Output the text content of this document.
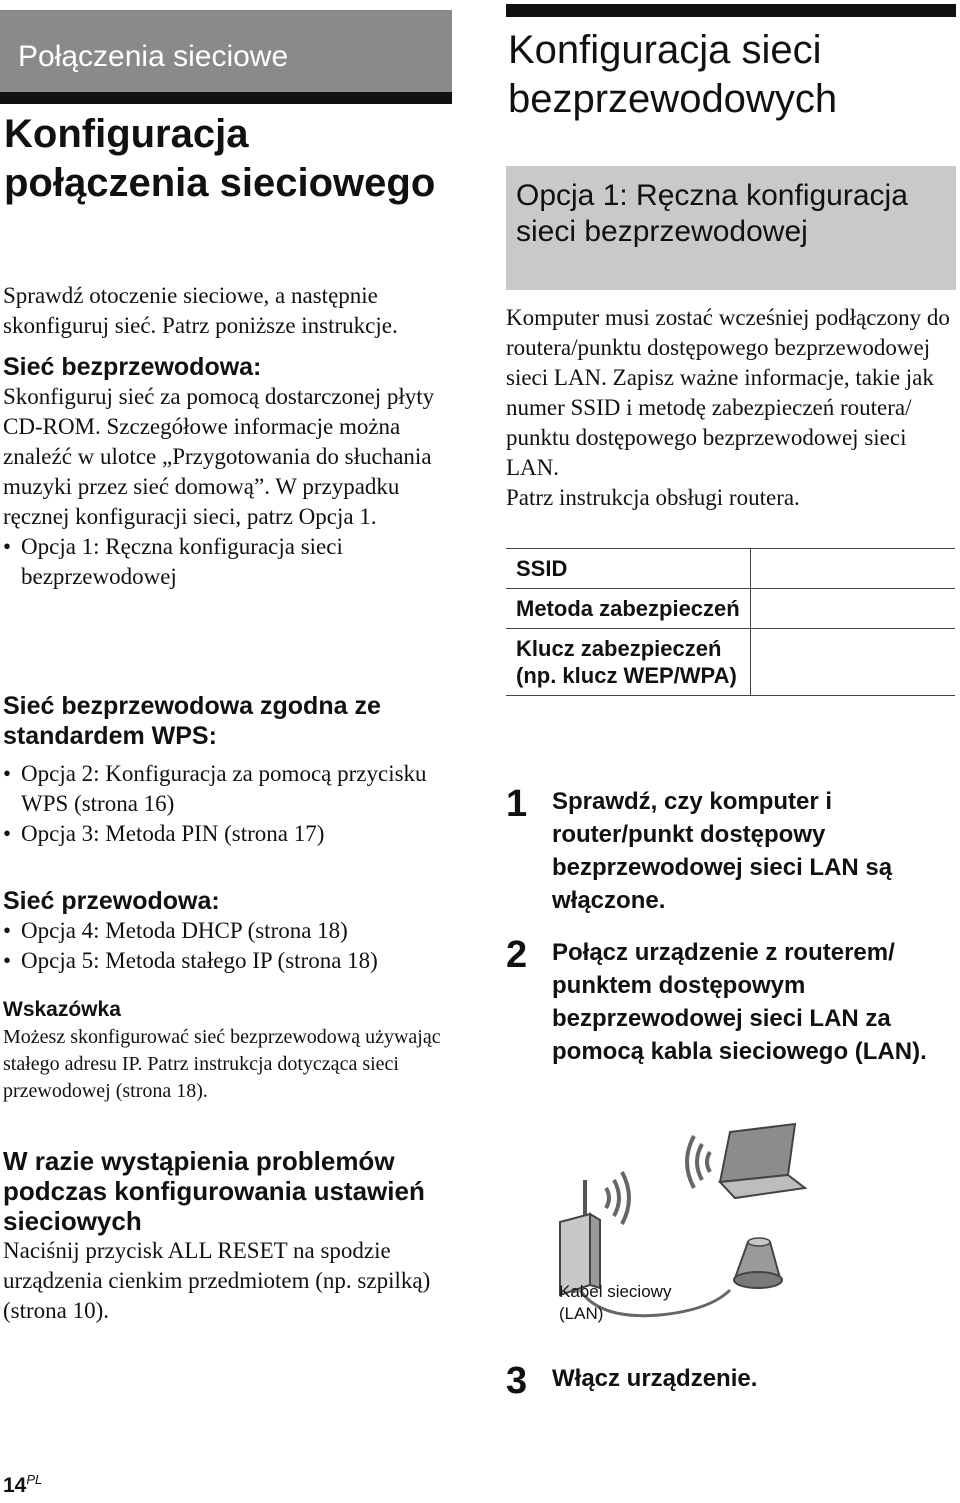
Połączenia sieciowe
Konfiguracja połączenia sieciowego
Sprawdź otoczenie sieciowe, a następnie skonfiguruj sieć. Patrz poniższe instrukcje.
Sieć bezprzewodowa:
Skonfiguruj sieć za pomocą dostarczonej płyty CD-ROM. Szczegółowe informacje można znaleźć w ulotce „Przygotowania do słuchania muzyki przez sieć domową”. W przypadku ręcznej konfiguracji sieci, patrz Opcja 1.
• Opcja 1: Ręczna konfiguracja sieci bezprzewodowej
Sieć bezprzewodowa zgodna ze standardem WPS:
• Opcja 2: Konfiguracja za pomocą przycisku WPS (strona 16)
• Opcja 3: Metoda PIN (strona 17)
Sieć przewodowa:
• Opcja 4: Metoda DHCP (strona 18)
• Opcja 5: Metoda stałego IP (strona 18)
Wskazówka
Możesz skonfigurować sieć bezprzewodową używając stałego adresu IP. Patrz instrukcja dotycząca sieci przewodowej (strona 18).
W razie wystąpienia problemów podczas konfigurowania ustawień sieciowych
Naciśnij przycisk ALL RESET na spodzie urządzenia cienkim przedmiotem (np. szpilką) (strona 10).
Konfiguracja sieci bezprzewodowych
Opcja 1: Ręczna konfiguracja sieci bezprzewodowej
Komputer musi zostać wcześniej podłączony do routera/punktu dostępowego bezprzewodowej sieci LAN. Zapisz ważne informacje, takie jak numer SSID i metodę zabezpieczeń routera/ punktu dostępowego bezprzewodowej sieci LAN.
Patrz instrukcja obsługi routera.
SSID	
Metoda zabezpieczeń	
Klucz zabezpieczeń (np. klucz WEP/WPA)	
1	Sprawdź, czy komputer i router/punkt dostępowy bezprzewodowej sieci LAN są włączone.
2	Połącz urządzenie z routerem/ punktem dostępowym bezprzewodowej sieci LAN za pomocą kabla sieciowego (LAN).
Kabel sieciowy (LAN)
3	Włącz urządzenie.
$14^{PL}$
